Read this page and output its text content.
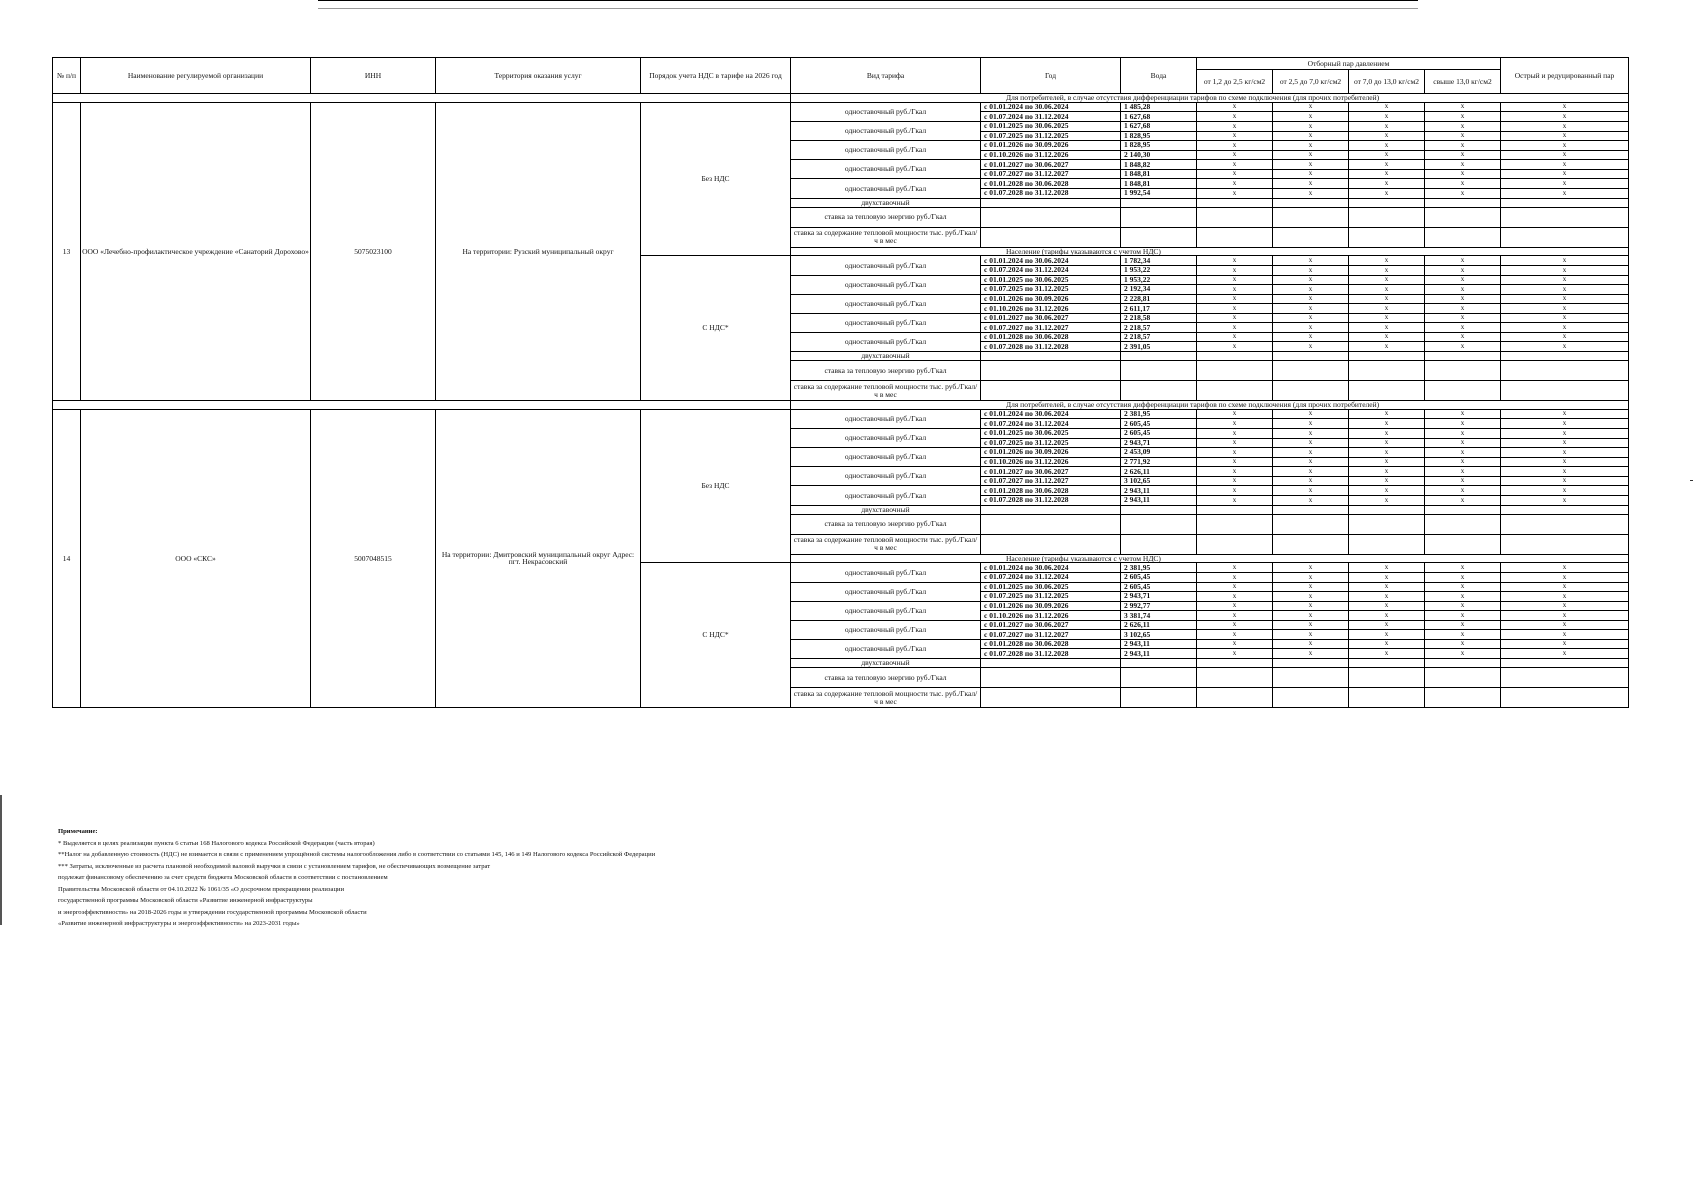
№ п/п	Наименование регулируемой организации	ИНН	Территория оказания услуг	Порядок учета НДС в тарифе на 2026 год	Вид тарифа	Год	Вода	Отборный пар давлением				Острый и редуцированный пар
								от 1,2 до 2,5 кг/см2	от 2,5 до 7,0 кг/см2	от 7,0 до 13,0 кг/см2	свыше 13,0 кг/см2	
					Для потребителей, в случае отсутствия дифференциации тарифов по схеме подключения (для прочих потребителей)							
13	ООО «Лечебно-профилактическое учреждение «Санаторий Дорохово»	5075023100	На территории: Рузский муниципальный округ	Без НДС	одноставочный руб./Гкал	с 01.01.2024 по 30.06.2024	1 485,28	x	x	x	x	x
						с 01.07.2024 по 31.12.2024	1 627,68	x	x	x	x	x
					одноставочный руб./Гкал	с 01.01.2025 по 30.06.2025	1 627,68	x	x	x	x	x
						с 01.07.2025 по 31.12.2025	1 828,95	x	x	x	x	x
					одноставочный руб./Гкал	с 01.01.2026 по 30.09.2026	1 828,95	x	x	x	x	x
						с 01.10.2026 по 31.12.2026	2 140,30	x	x	x	x	x
					одноставочный руб./Гкал	с 01.01.2027 по 30.06.2027	1 848,82	x	x	x	x	x
						с 01.07.2027 по 31.12.2027	1 848,81	x	x	x	x	x
					одноставочный руб./Гкал	с 01.01.2028 по 30.06.2028	1 848,81	x	x	x	x	x
						с 01.07.2028 по 31.12.2028	1 992,54	x	x	x	x	x
					двухставочный							
					ставка за тепловую энергию руб./Гкал							
					ставка за содержание тепловой мощности тыс. руб./Гкал/ч в мес							
					Население (тарифы указываются с учетом НДС)							
				С НДС*	одноставочный руб./Гкал	с 01.01.2024 по 30.06.2024	1 782,34	x	x	x	x	x
						с 01.07.2024 по 31.12.2024	1 953,22	x	x	x	x	x
					одноставочный руб./Гкал	с 01.01.2025 по 30.06.2025	1 953,22	x	x	x	x	x
						с 01.07.2025 по 31.12.2025	2 192,34	x	x	x	x	x
					одноставочный руб./Гкал	с 01.01.2026 по 30.09.2026	2 228,81	x	x	x	x	x
						с 01.10.2026 по 31.12.2026	2 611,17	x	x	x	x	x
					одноставочный руб./Гкал	с 01.01.2027 по 30.06.2027	2 218,58	x	x	x	x	x
						с 01.07.2027 по 31.12.2027	2 218,57	x	x	x	x	x
					одноставочный руб./Гкал	с 01.01.2028 по 30.06.2028	2 218,57	x	x	x	x	x
						с 01.07.2028 по 31.12.2028	2 391,05	x	x	x	x	x
					двухставочный							
					ставка за тепловую энергию руб./Гкал							
					ставка за содержание тепловой мощности тыс. руб./Гкал/ч в мес							
					Для потребителей, в случае отсутствия дифференциации тарифов по схеме подключения (для прочих потребителей)							
14	ООО «СКС»	5007048515	На территории: Дмитровский муниципальный округ Адрес: пгт. Некрасовский	Без НДС	одноставочный руб./Гкал	с 01.01.2024 по 30.06.2024	2 381,95	x	x	x	x	x
						с 01.07.2024 по 31.12.2024	2 605,45	x	x	x	x	x
					одноставочный руб./Гкал	с 01.01.2025 по 30.06.2025	2 605,45	x	x	x	x	x
						с 01.07.2025 по 31.12.2025	2 943,71	x	x	x	x	x
					одноставочный руб./Гкал	с 01.01.2026 по 30.09.2026	2 453,09	x	x	x	x	x
						с 01.10.2026 по 31.12.2026	2 771,92	x	x	x	x	x
					одноставочный руб./Гкал	с 01.01.2027 по 30.06.2027	2 626,11	x	x	x	x	x
						с 01.07.2027 по 31.12.2027	3 102,65	x	x	x	x	x
					одноставочный руб./Гкал	с 01.01.2028 по 30.06.2028	2 943,11	x	x	x	x	x
						с 01.07.2028 по 31.12.2028	2 943,11	x	x	x	x	x
					двухставочный							
					ставка за тепловую энергию руб./Гкал							
					ставка за содержание тепловой мощности тыс. руб./Гкал/ч в мес							
					Население (тарифы указываются с учетом НДС)							
				С НДС*	одноставочный руб./Гкал	с 01.01.2024 по 30.06.2024	2 381,95	x	x	x	x	x
						с 01.07.2024 по 31.12.2024	2 605,45	x	x	x	x	x
					одноставочный руб./Гкал	с 01.01.2025 по 30.06.2025	2 605,45	x	x	x	x	x
						с 01.07.2025 по 31.12.2025	2 943,71	x	x	x	x	x
					одноставочный руб./Гкал	с 01.01.2026 по 30.09.2026	2 992,77	x	x	x	x	x
						с 01.10.2026 по 31.12.2026	3 381,74	x	x	x	x	x
					одноставочный руб./Гкал	с 01.01.2027 по 30.06.2027	2 626,11	x	x	x	x	x
						с 01.07.2027 по 31.12.2027	3 102,65	x	x	x	x	x
					одноставочный руб./Гкал	с 01.01.2028 по 30.06.2028	2 943,11	x	x	x	x	x
						с 01.07.2028 по 31.12.2028	2 943,11	x	x	x	x	x
					двухставочный							
					ставка за тепловую энергию руб./Гкал							
					ставка за содержание тепловой мощности тыс. руб./Гкал/ч в мес							
Примечание:
* Выделяется в целях реализации пункта 6 статьи 168 Налогового кодекса Российской Федерации (часть вторая)
**Налог на добавленную стоимость (НДС) не взимается в связи с применением упрощённой системы налогообложения либо в соответствии со статьями 145, 146 и 149 Налогового кодекса Российской Федерации
*** Затраты, исключенные из расчета плановой необходимой валовой выручки в связи с установлением тарифов, не обеспечивающих возмещение затрат
подлежат финансовому обеспечению за счет средств бюджета Московской области в соответствии с постановлением
Правительства Московской области от 04.10.2022 № 1061/35 «О досрочном прекращении реализации
государственной программы Московской области «Развитие инженерной инфраструктуры
и энергоэффективности» на 2018-2026 годы и утверждении государственной программы Московской области
«Развитие инженерной инфраструктуры и энергоэффективности» на 2023-2031 годы»
